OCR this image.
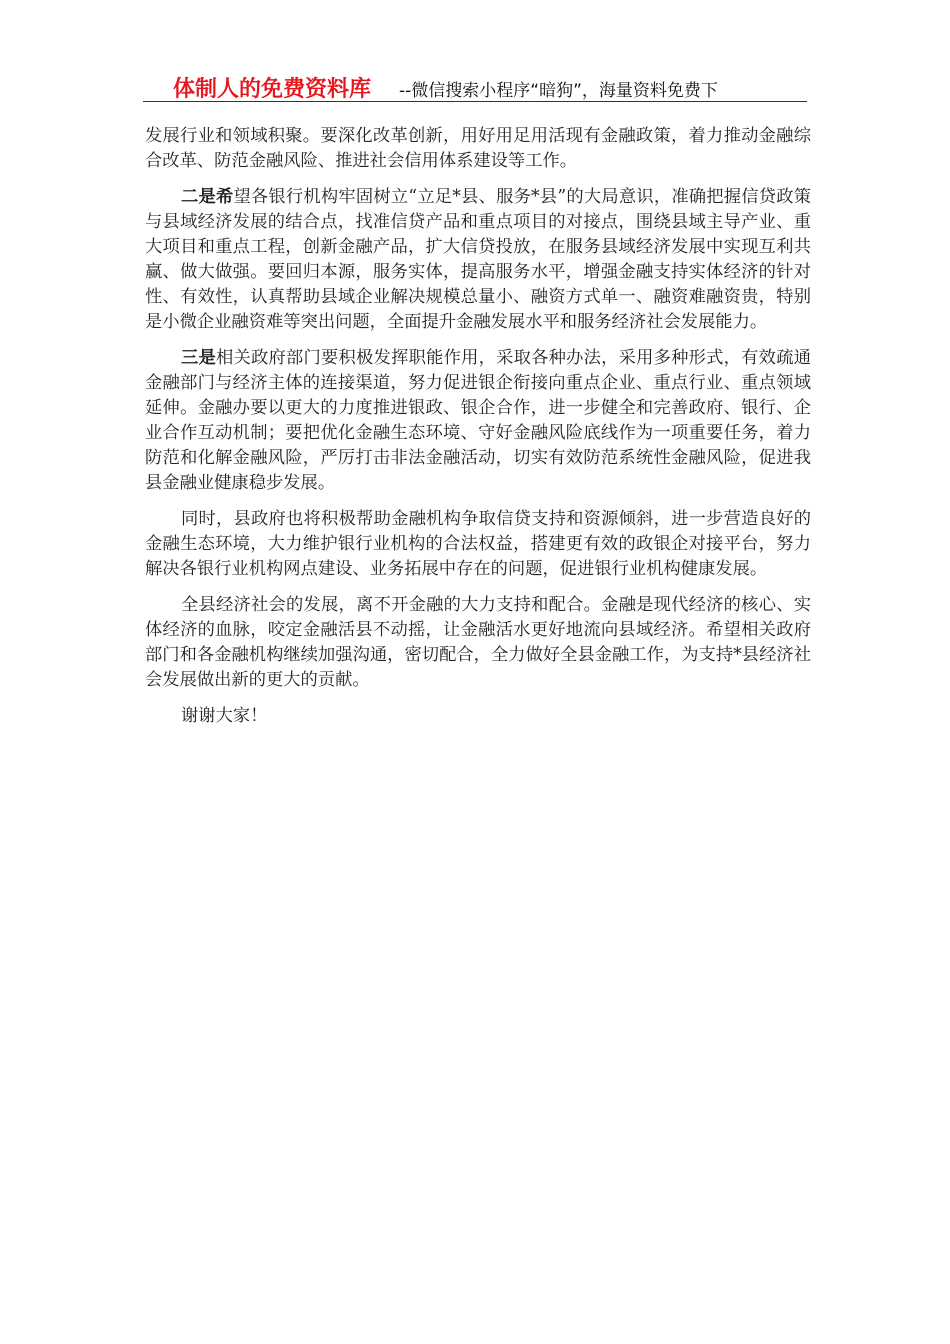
体制人的免费资料库 --微信搜索小程序“暗狗”，海量资料免费下

发展行业和领域积聚。要深化改革创新，用好用足用活现有金融政策，着力推动金融综合改革、防范金融风险、推进社会信用体系建设等工作。

二是希望各银行机构牢固树立“立足*县、服务*县”的大局意识，准确把握信贷政策与县域经济发展的结合点，找准信贷产品和重点项目的对接点，围绕县域主导产业、重大项目和重点工程，创新金融产品，扩大信贷投放，在服务县域经济发展中实现互利共赢、做大做强。要回归本源，服务实体，提高服务水平，增强金融支持实体经济的针对性、有效性，认真帮助县域企业解决规模总量小、融资方式单一、融资难融资贵，特别是小微企业融资难等突出问题，全面提升金融发展水平和服务经济社会发展能力。

三是相关政府部门要积极发挥职能作用，采取各种办法，采用多种形式，有效疏通金融部门与经济主体的连接渠道，努力促进银企衔接向重点企业、重点行业、重点领域延伸。金融办要以更大的力度推进银政、银企合作，进一步健全和完善政府、银行、企业合作互动机制；要把优化金融生态环境、守好金融风险底线作为一项重要任务，着力防范和化解金融风险，严厉打击非法金融活动，切实有效防范系统性金融风险，促进我县金融业健康稳步发展。

同时，县政府也将积极帮助金融机构争取信贷支持和资源倾斜，进一步营造良好的金融生态环境，大力维护银行业机构的合法权益，搭建更有效的政银企对接平台，努力解决各银行业机构网点建设、业务拓展中存在的问题，促进银行业机构健康发展。

全县经济社会的发展，离不开金融的大力支持和配合。金融是现代经济的核心、实体经济的血脉，咬定金融活县不动摇，让金融活水更好地流向县域经济。希望相关政府部门和各金融机构继续加强沟通，密切配合，全力做好全县金融工作，为支持*县经济社会发展做出新的更大的贡献。

谢谢大家！
